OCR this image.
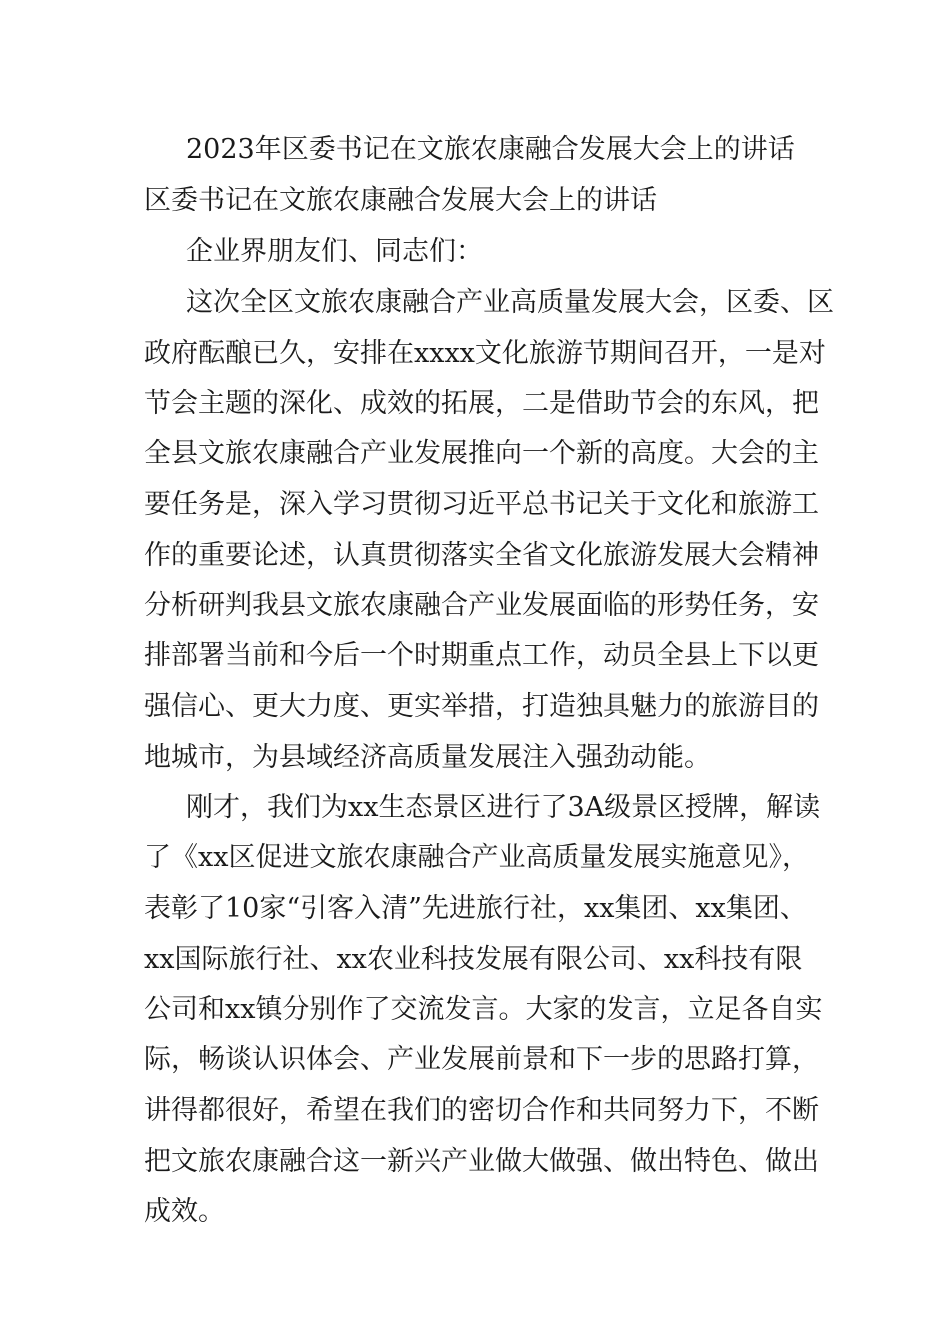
2023年区委书记在文旅农康融合发展大会上的讲话
区委书记在文旅农康融合发展大会上的讲话
企业界朋友们、同志们：
这次全区文旅农康融合产业高质量发展大会，区委、区
政府酝酿已久，安排在xxxx文化旅游节期间召开，一是对
节会主题的深化、成效的拓展，二是借助节会的东风，把
全县文旅农康融合产业发展推向一个新的高度。大会的主
要任务是，深入学习贯彻习近平总书记关于文化和旅游工
作的重要论述，认真贯彻落实全省文化旅游发展大会精神
分析研判我县文旅农康融合产业发展面临的形势任务，安
排部署当前和今后一个时期重点工作，动员全县上下以更
强信心、更大力度、更实举措，打造独具魅力的旅游目的
地城市，为县域经济高质量发展注入强劲动能。
刚才，我们为xx生态景区进行了3A级景区授牌，解读
了《xx区促进文旅农康融合产业高质量发展实施意见》，
表彰了10家“引客入清”先进旅行社，xx集团、xx集团、
xx国际旅行社、xx农业科技发展有限公司、xx科技有限
公司和xx镇分别作了交流发言。大家的发言，立足各自实
际，畅谈认识体会、产业发展前景和下一步的思路打算，
讲得都很好，希望在我们的密切合作和共同努力下，不断
把文旅农康融合这一新兴产业做大做强、做出特色、做出
成效。
